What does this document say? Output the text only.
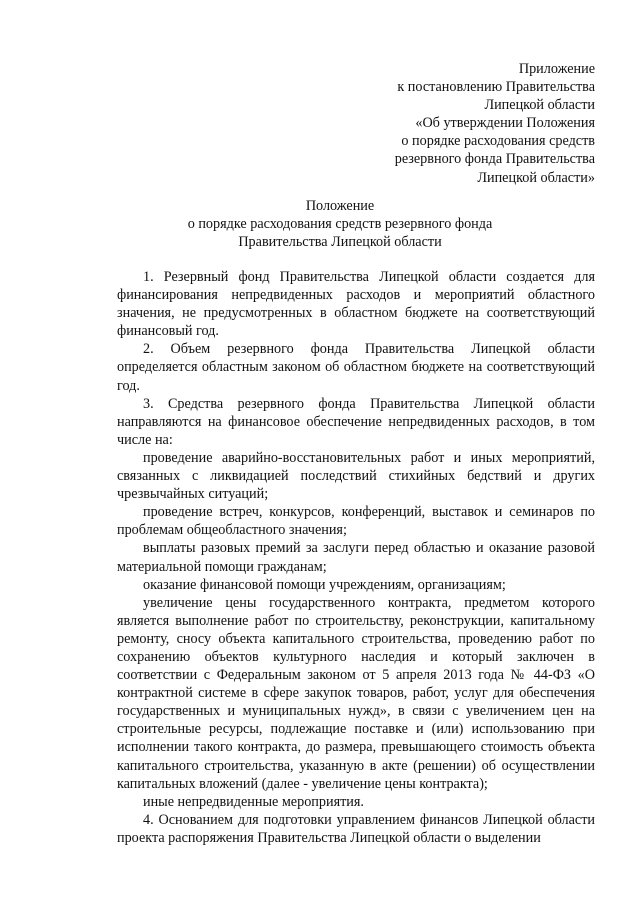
Приложение
к постановлению Правительства
Липецкой области
«Об утверждении Положения
о порядке расходования средств
резервного фонда Правительства
Липецкой области»
Положение
о порядке расходования средств резервного фонда
Правительства Липецкой области

1. Резервный фонд Правительства Липецкой области создается для финансирования непредвиденных расходов и мероприятий областного значения, не предусмотренных в областном бюджете на соответствующий финансовый год.

2. Объем резервного фонда Правительства Липецкой области определяется областным законом об областном бюджете на соответствующий год.

3. Средства резервного фонда Правительства Липецкой области направляются на финансовое обеспечение непредвиденных расходов, в том числе на:

проведение аварийно-восстановительных работ и иных мероприятий, связанных с ликвидацией последствий стихийных бедствий и других чрезвычайных ситуаций;

проведение встреч, конкурсов, конференций, выставок и семинаров по проблемам общеобластного значения;

выплаты разовых премий за заслуги перед областью и оказание разовой материальной помощи гражданам;

оказание финансовой помощи учреждениям, организациям;

увеличение цены государственного контракта, предметом которого является выполнение работ по строительству, реконструкции, капитальному ремонту, сносу объекта капитального строительства, проведению работ по сохранению объектов культурного наследия и который заключен в соответствии с Федеральным законом от 5 апреля 2013 года № 44-ФЗ «О контрактной системе в сфере закупок товаров, работ, услуг для обеспечения государственных и муниципальных нужд», в связи с увеличением цен на строительные ресурсы, подлежащие поставке и (или) использованию при исполнении такого контракта, до размера, превышающего стоимость объекта капитального строительства, указанную в акте (решении) об осуществлении капитальных вложений (далее - увеличение цены контракта);

иные непредвиденные мероприятия.

4. Основанием для подготовки управлением финансов Липецкой области проекта распоряжения Правительства Липецкой области о выделении
